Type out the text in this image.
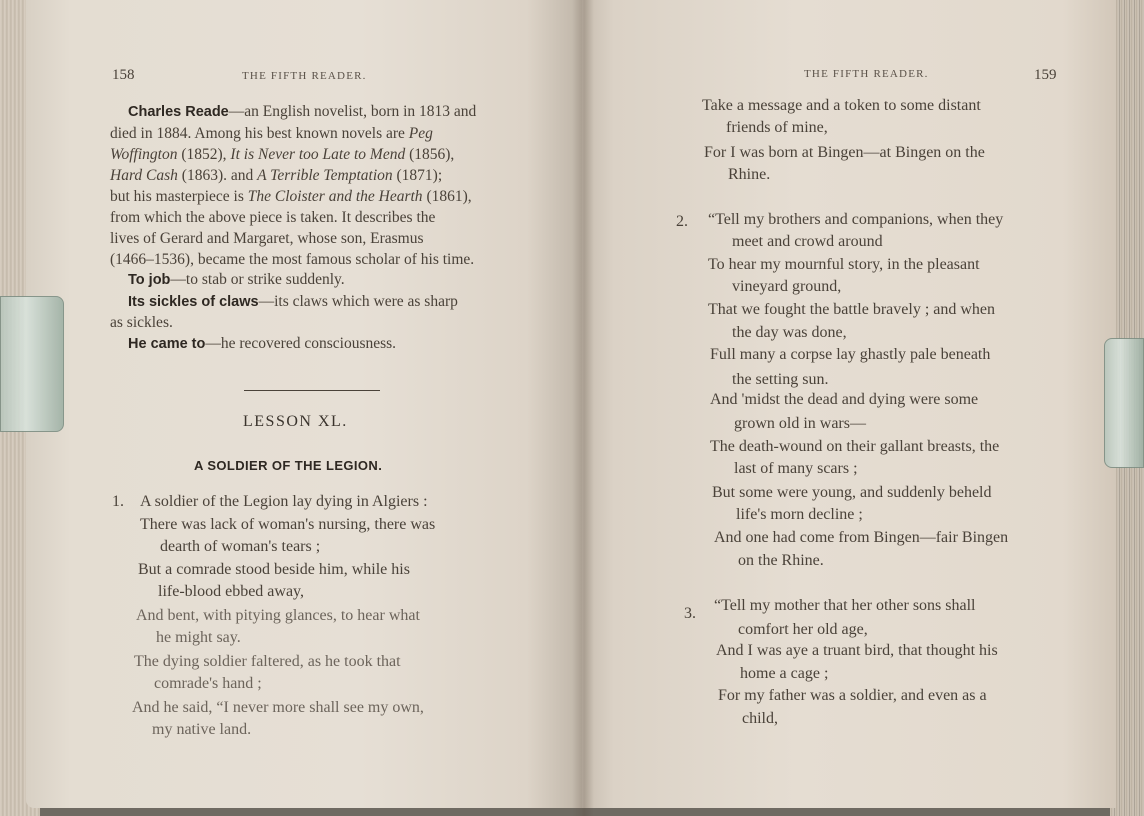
158	THE FIFTH READER.
Charles Reade—an English novelist, born in 1813 and
died in 1884. Among his best known novels are Peg
Woffington (1852), It is Never too Late to Mend (1856),
Hard Cash (1863). and A Terrible Temptation (1871);
but his masterpiece is The Cloister and the Hearth (1861),
from which the above piece is taken. It describes the
lives of Gerard and Margaret, whose son, Erasmus
(1466–1536), became the most famous scholar of his time.
To job—to stab or strike suddenly.
Its sickles of claws—its claws which were as sharp
as sickles.
He came to—he recovered consciousness.
LESSON XL.
A SOLDIER OF THE LEGION.
1. A soldier of the Legion lay dying in Algiers :
There was lack of woman's nursing, there was
dearth of woman's tears ;
But a comrade stood beside him, while his
life-blood ebbed away,
And bent, with pitying glances, to hear what
he might say.
The dying soldier faltered, as he took that
comrade's hand ;
And he said, “I never more shall see my own,
my native land.
THE FIFTH READER.	159
Take a message and a token to some distant
friends of mine,
For I was born at Bingen—at Bingen on the
Rhine.
2. “Tell my brothers and companions, when they
meet and crowd around
To hear my mournful story, in the pleasant
vineyard ground,
That we fought the battle bravely ; and when
the day was done,
Full many a corpse lay ghastly pale beneath
the setting sun.
And 'midst the dead and dying were some
grown old in wars—
The death-wound on their gallant breasts, the
last of many scars ;
But some were young, and suddenly beheld
life's morn decline ;
And one had come from Bingen—fair Bingen
on the Rhine.
3. “Tell my mother that her other sons shall
comfort her old age,
And I was aye a truant bird, that thought his
home a cage ;
For my father was a soldier, and even as a
child,
